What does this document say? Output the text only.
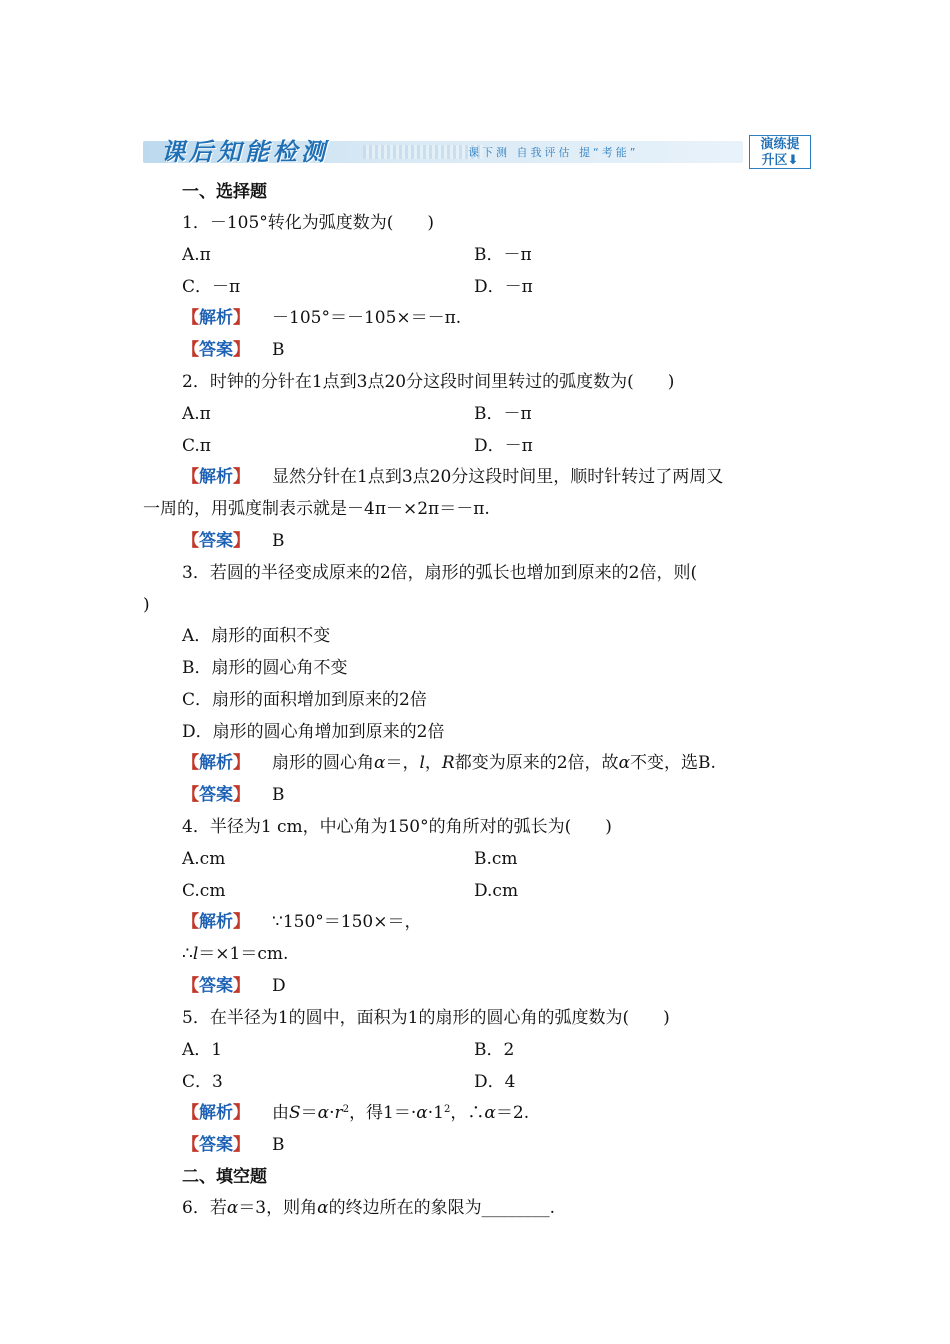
课后知能检测	课下测 自我评估 提“考能”
演练提
升区⬇
一、选择题
1．－105°转化为弧度数为(　　)
A.π	B．－π
C．－π	D．－π
【解析】 －105°＝－105×＝－π.
【答案】 B
2．时钟的分针在1点到3点20分这段时间里转过的弧度数为(　　)
A.π	B．－π
C.π	D．－π
【解析】 显然分针在1点到3点20分这段时间里，顺时针转过了两周又
一周的，用弧度制表示就是－4π－×2π＝－π.
【答案】 B
3．若圆的半径变成原来的2倍，扇形的弧长也增加到原来的2倍，则(
)
A．扇形的面积不变
B．扇形的圆心角不变
C．扇形的面积增加到原来的2倍
D．扇形的圆心角增加到原来的2倍
【解析】 扇形的圆心角α＝，l，R都变为原来的2倍，故α不变，选B.
【答案】 B
4．半径为1 cm，中心角为150°的角所对的弧长为(　　)
A.cm	B.cm
C.cm	D.cm
【解析】 ∵150°＝150×＝，
∴l＝×1＝cm.
【答案】 D
5．在半径为1的圆中，面积为1的扇形的圆心角的弧度数为(　　)
A．1	B．2
C．3	D．4
【解析】 由$S=\alpha\cdot r^2$，得$1=\cdot\alpha\cdot 1^2$，∴α＝2.
【答案】 B
二、填空题
6．若α＝3，则角α的终边所在的象限为________.
